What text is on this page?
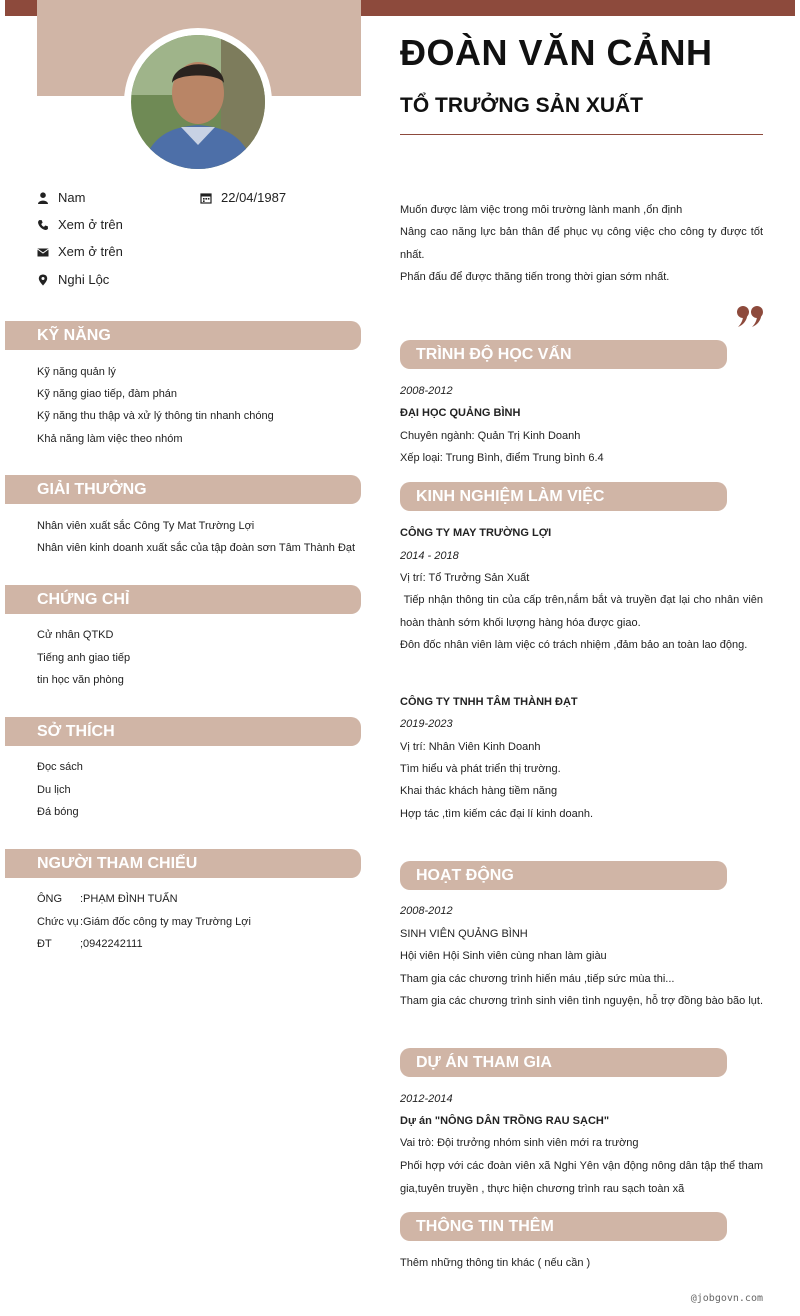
ĐOÀN VĂN CẢNH
TỔ TRƯỞNG SẢN XUẤT
Nam	22/04/1987
Xem ở trên
Xem ở trên
Nghi Lộc
Muốn được làm việc trong môi trường lành manh ,ổn định
Nâng cao năng lực bản thân để phục vụ công việc cho công ty được tốt nhất.
Phấn đấu để được thăng tiến trong thời gian sớm nhất.
KỸ NĂNG
Kỹ năng quản lý
Kỹ năng giao tiếp, đàm phán
Kỹ năng thu thập và xử lý thông tin nhanh chóng
Khả năng làm việc theo nhóm
GIẢI THƯỞNG
Nhân viên xuất sắc Công Ty Mat Trường Lợi
Nhân viên kinh doanh xuất sắc của tập đoàn sơn Tâm Thành Đạt
CHỨNG CHỈ
Cử nhân QTKD
Tiếng anh giao tiếp
tin học văn phòng
SỞ THÍCH
Đọc sách
Du lịch
Đá bóng
NGƯỜI THAM CHIẾU
ÔNG :PHẠM ĐÌNH TUẤN
Chức vụ :Giám đốc công ty may Trường Lợi
ĐT	;0942242111
TRÌNH ĐỘ HỌC VẤN
2008-2012
ĐẠI HỌC QUẢNG BÌNH
Chuyên ngành: Quản Trị Kinh Doanh
Xếp loại: Trung Bình, điểm Trung bình 6.4
KINH NGHIỆM LÀM VIỆC
CÔNG TY MAY TRƯỜNG LỢI
2014 - 2018
Vị trí: Tổ Trưởng Sản Xuất
Tiếp nhận thông tin của cấp trên,nắm bắt và truyền đạt lại cho nhân viên hoàn thành sớm khối lượng hàng hóa được giao.
Đôn đốc nhân viên làm việc có trách nhiệm ,đảm bảo an toàn lao động.
CÔNG TY TNHH TÂM THÀNH ĐẠT
2019-2023
Vị trí: Nhân Viên Kinh Doanh
Tìm hiểu và phát triển thị trường.
Khai thác khách hàng tiềm năng
Hợp tác ,tìm kiếm các đại lí kinh doanh.
HOẠT ĐỘNG
2008-2012
SINH VIÊN QUẢNG BÌNH
Hội viên Hội Sinh viên cùng nhan làm giàu
Tham gia các chương trình hiến máu ,tiếp sức mùa thi...
Tham gia các chương trình sinh viên tình nguyện, hỗ trợ đồng bào bão lụt.
DỰ ÁN THAM GIA
2012-2014
Dự án "NÔNG DÂN TRỒNG RAU SẠCH"
Vai trò: Đội trưởng nhóm sinh viên mới ra trường
Phối hợp với các đoàn viên xã Nghi Yên vận động nông dân tập thể tham gia,tuyên truyền , thực hiện chương trình rau sạch toàn xã
THÔNG TIN THÊM
Thêm những thông tin khác ( nếu cần )
@jobgovn.com
